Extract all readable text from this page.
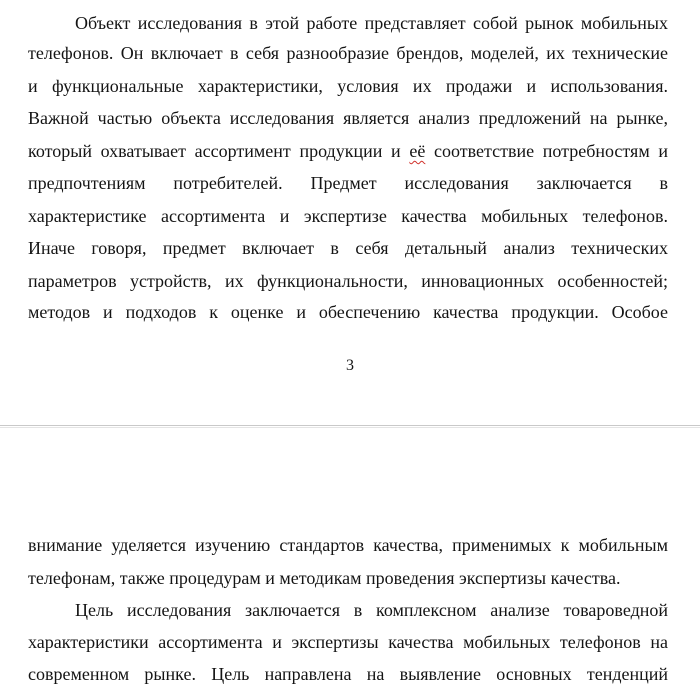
Объект исследования в этой работе представляет собой рынок мобильных
телефонов. Он включает в себя разнообразие брендов, моделей, их технические
и функциональные характеристики, условия их продажи и использования.
Важной частью объекта исследования является анализ предложений на рынке,
который охватывает ассортимент продукции и её соответствие потребностям и
предпочтениям потребителей. Предмет исследования заключается в
характеристике ассортимента и экспертизе качества мобильных телефонов.
Иначе говоря, предмет включает в себя детальный анализ технических
параметров устройств, их функциональности, инновационных особенностей;
методов и подходов к оценке и обеспечению качества продукции. Особое
3
внимание уделяется изучению стандартов качества, применимых к мобильным
телефонам, также процедурам и методикам проведения экспертизы качества.
Цель исследования заключается в комплексном анализе товароведной
характеристики ассортимента и экспертизы качества мобильных телефонов на
современном рынке. Цель направлена на выявление основных тенденций
